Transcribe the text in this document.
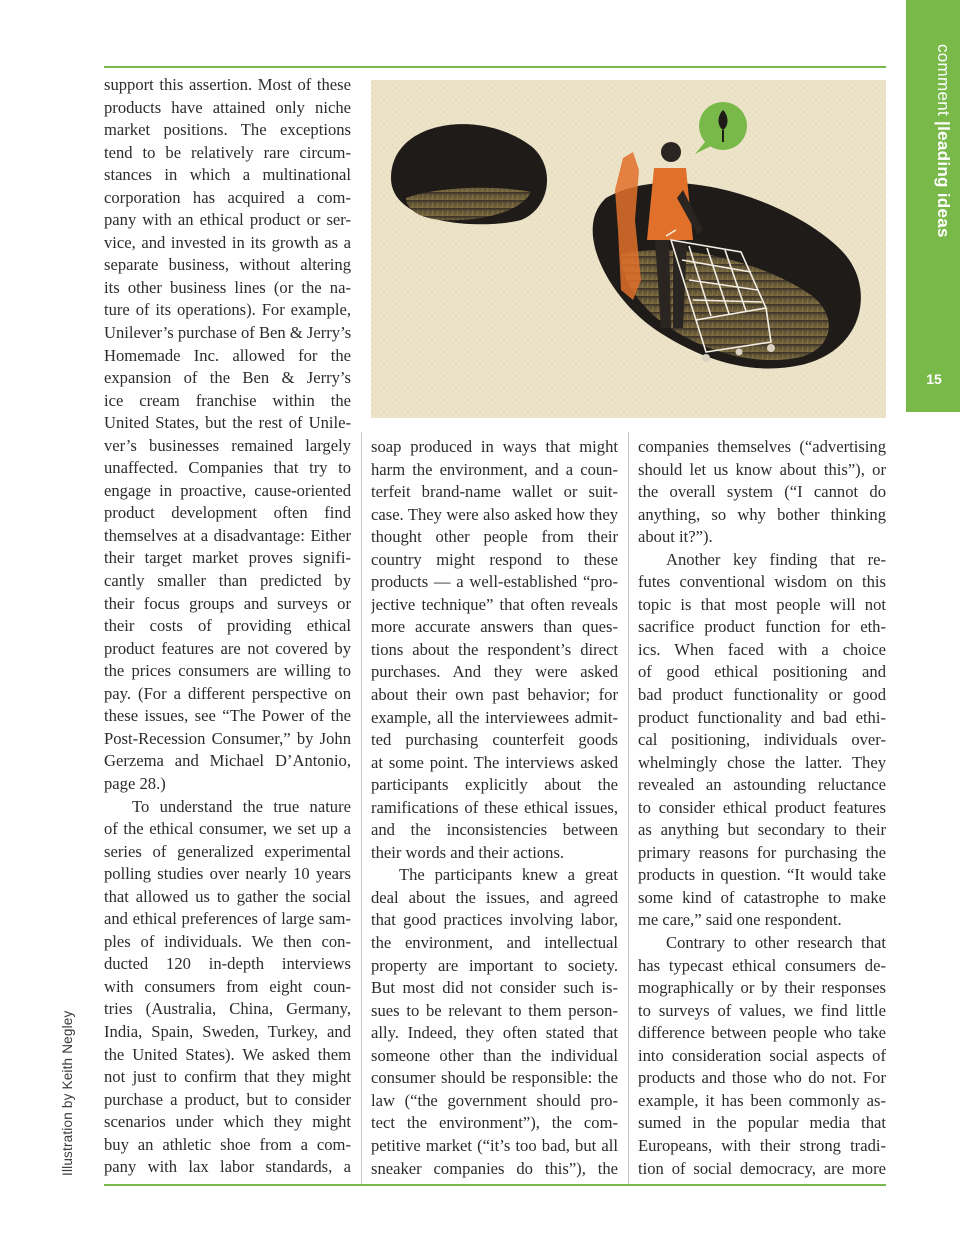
comment |leading ideas
15

support this assertion. Most of these
products have attained only niche
market positions. The exceptions
tend to be relatively rare circum-
stances in which a multinational
corporation has acquired a com-
pany with an ethical product or ser-
vice, and invested in its growth as a
separate business, without altering
its other business lines (or the na-
ture of its operations). For example,
Unilever’s purchase of Ben & Jerry’s
Homemade Inc. allowed for the
expansion of the Ben & Jerry’s
ice cream franchise within the
United States, but the rest of Unile-
ver’s businesses remained largely
unaffected. Companies that try to
engage in proactive, cause-oriented
product development often find
themselves at a disadvantage: Either
their target market proves signifi-
cantly smaller than predicted by
their focus groups and surveys or
their costs of providing ethical
product features are not covered by
the prices consumers are willing to
pay. (For a different perspective on
these issues, see “The Power of the
Post-Recession Consumer,” by John
Gerzema and Michael D’Antonio,
page 28.)

To understand the true nature
of the ethical consumer, we set up a
series of generalized experimental
polling studies over nearly 10 years
that allowed us to gather the social
and ethical preferences of large sam-
ples of individuals. We then con-
ducted 120 in-depth interviews
with consumers from eight coun-
tries (Australia, China, Germany,
India, Spain, Sweden, Turkey, and
the United States). We asked them
not just to confirm that they might
purchase a product, but to consider
scenarios under which they might
buy an athletic shoe from a com-
pany with lax labor standards, a

soap produced in ways that might
harm the environment, and a coun-
terfeit brand-name wallet or suit-
case. They were also asked how they
thought other people from their
country might respond to these
products — a well-established “pro-
jective technique” that often reveals
more accurate answers than ques-
tions about the respondent’s direct
purchases. And they were asked
about their own past behavior; for
example, all the interviewees admit-
ted purchasing counterfeit goods
at some point. The interviews asked
participants explicitly about the
ramifications of these ethical issues,
and the inconsistencies between
their words and their actions.

The participants knew a great
deal about the issues, and agreed
that good practices involving labor,
the environment, and intellectual
property are important to society.
But most did not consider such is-
sues to be relevant to them person-
ally. Indeed, they often stated that
someone other than the individual
consumer should be responsible: the
law (“the government should pro-
tect the environment”), the com-
petitive market (“it’s too bad, but all
sneaker companies do this”), the

companies themselves (“advertising
should let us know about this”), or
the overall system (“I cannot do
anything, so why bother thinking
about it?”).

Another key finding that re-
futes conventional wisdom on this
topic is that most people will not
sacrifice product function for eth-
ics. When faced with a choice
of good ethical positioning and
bad product functionality or good
product functionality and bad ethi-
cal positioning, individuals over-
whelmingly chose the latter. They
revealed an astounding reluctance
to consider ethical product features
as anything but secondary to their
primary reasons for purchasing the
products in question. “It would take
some kind of catastrophe to make
me care,” said one respondent.

Contrary to other research that
has typecast ethical consumers de-
mographically or by their responses
to surveys of values, we find little
difference between people who take
into consideration social aspects of
products and those who do not. For
example, it has been commonly as-
sumed in the popular media that
Europeans, with their strong tradi-
tion of social democracy, are more

Illustration by Keith Negley
